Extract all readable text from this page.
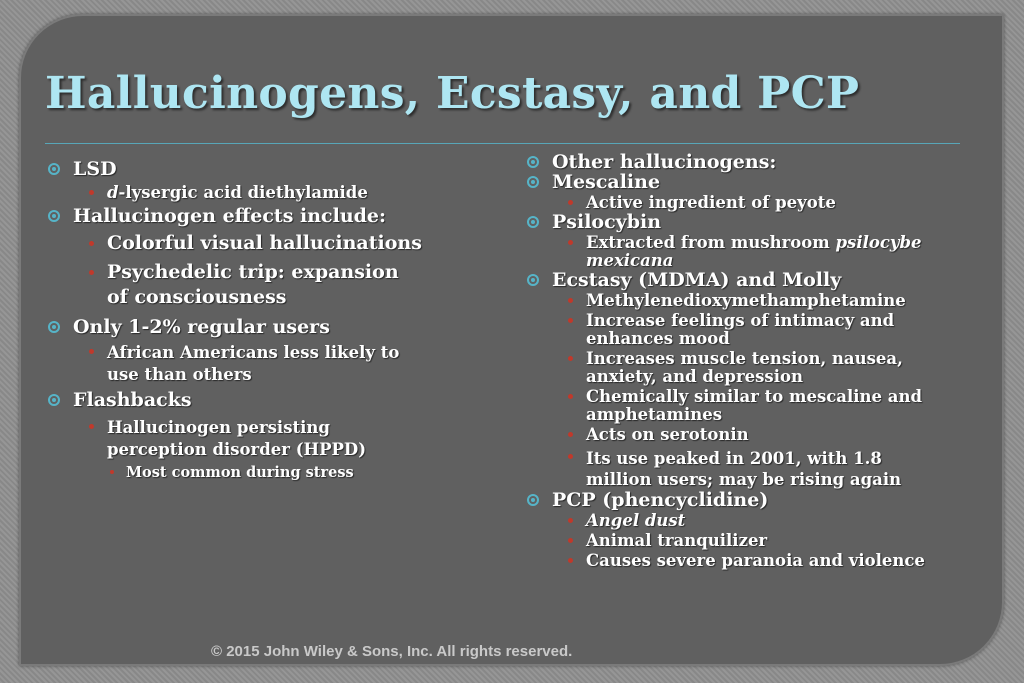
Hallucinogens, Ecstasy, and PCP
LSD
d-lysergic acid diethylamide
Hallucinogen effects include:
Colorful visual hallucinations
Psychedelic trip: expansion of consciousness
Only 1-2% regular users
African Americans less likely to use than others
Flashbacks
Hallucinogen persisting perception disorder (HPPD)
Most common during stress
Other hallucinogens:
Mescaline
Active ingredient of peyote
Psilocybin
Extracted from mushroom psilocybe mexicana
Ecstasy (MDMA) and Molly
Methylenedioxymethamphetamine
Increase feelings of intimacy and enhances mood
Increases muscle tension, nausea, anxiety, and depression
Chemically similar to mescaline and amphetamines
Acts on serotonin
Its use peaked in 2001, with 1.8 million users; may be rising again
PCP (phencyclidine)
Angel dust
Animal tranquilizer
Causes severe paranoia and violence
© 2015 John Wiley & Sons, Inc. All rights reserved.
